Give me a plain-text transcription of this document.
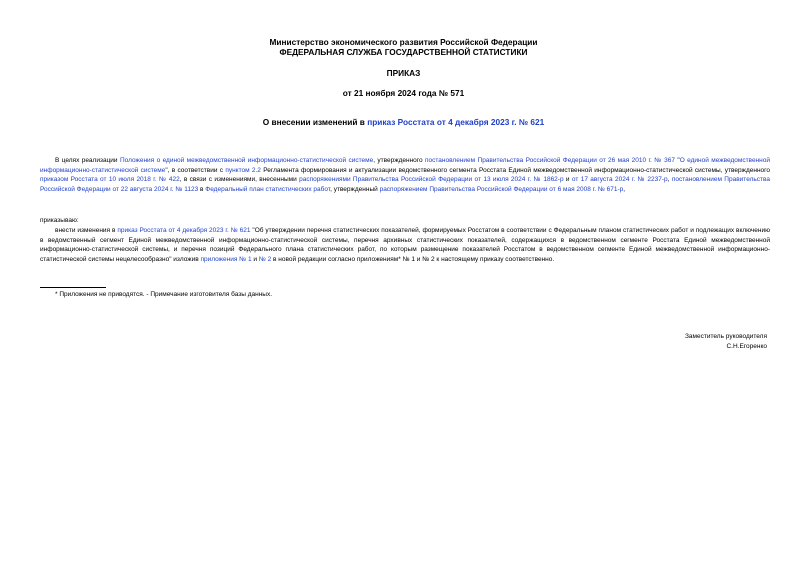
Министерство экономического развития Российской Федерации
ФЕДЕРАЛЬНАЯ СЛУЖБА ГОСУДАРСТВЕННОЙ СТАТИСТИКИ
ПРИКАЗ
от 21 ноября 2024 года № 571
О внесении изменений в приказ Росстата от 4 декабря 2023 г. № 621
В целях реализации Положения о единой межведомственной информационно-статистической системе, утвержденного постановлением Правительства Российской Федерации от 26 мая 2010 г. № 367 "О единой межведомственной информационно-статистической системе", в соответствии с пунктом 2.2 Регламента формирования и актуализации ведомственного сегмента Росстата Единой межведомственной информационно-статистической системы, утвержденного приказом Росстата от 10 июля 2018 г. № 422, в связи с изменениями, внесенными распоряжениями Правительства Российской Федерации от 13 июля 2024 г. № 1862-р и от 17 августа 2024 г. № 2237-р, постановлением Правительства Российской Федерации от 22 августа 2024 г. № 1123 в Федеральный план статистических работ, утвержденный распоряжением Правительства Российской Федерации от 6 мая 2008 г. № 671-р,
приказываю:
внести изменения в приказ Росстата от 4 декабря 2023 г. № 621 "Об утверждении перечня статистических показателей, формируемых Росстатом в соответствии с Федеральным планом статистических работ и подлежащих включению в ведомственный сегмент Единой межведомственной информационно-статистической системы, перечня архивных статистических показателей, содержащихся в ведомственном сегменте Росстата Единой межведомственной информационно-статистической системы, и перечня позиций Федерального плана статистических работ, по которым размещение показателей Росстатом в ведомственном сегменте Единой межведомственной информационно-статистической системы нецелесообразно" изложив приложения № 1 и № 2 в новой редакции согласно приложениям* № 1 и № 2 к настоящему приказу соответственно.
* Приложения не приводятся. - Примечание изготовителя базы данных.
Заместитель руководителя
С.Н.Егоренко
